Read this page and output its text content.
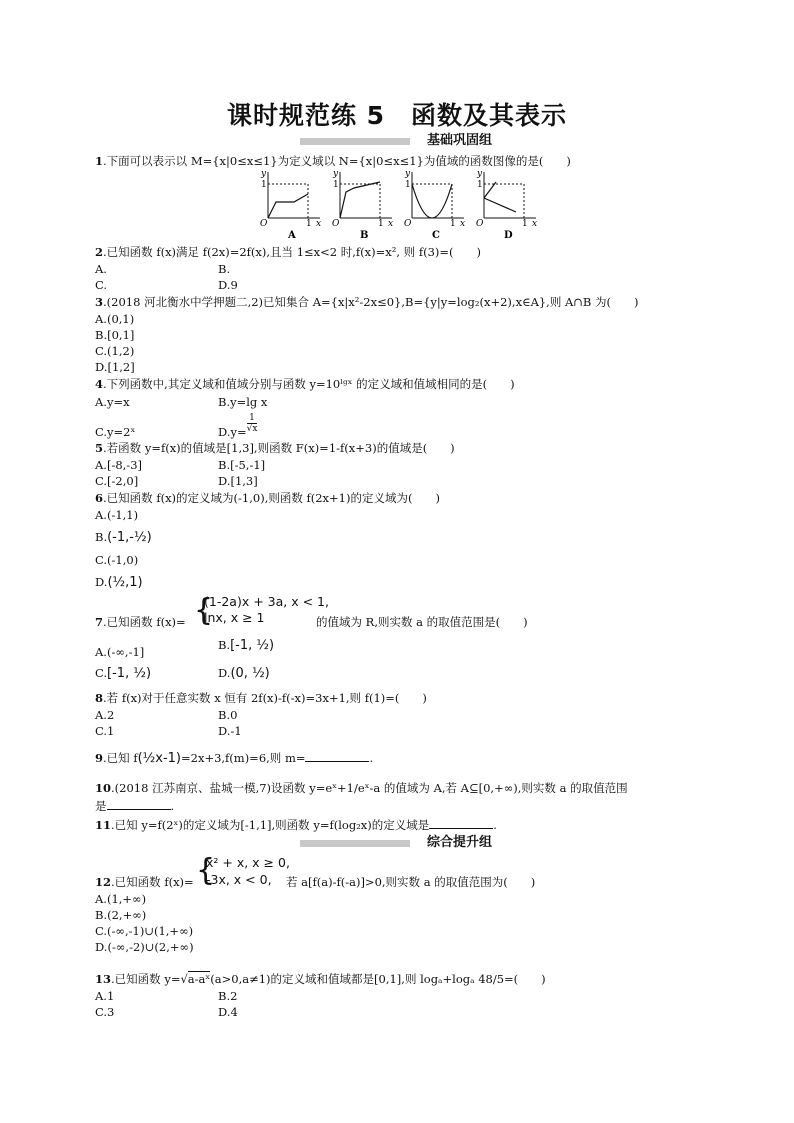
课时规范练 5　函数及其表示
基础巩固组
1.下面可以表示以 M={x|0≤x≤1}为定义域以 N={x|0≤x≤1}为值域的函数图像的是(　　)
y
1
O	1 x
A
y
1
O	1 x
B
y
1
O	1 x
C
y
1
O	1 x
D
2.已知函数 f(x)满足 f(2x)=2f(x),且当 1≤x<2 时,f(x)=x², 则 f(3)=(　　)
A.	B.
C.	D.9
3.(2018 河北衡水中学押题二,2)已知集合 A={x|x²-2x≤0},B={y|y=log₂(x+2),x∈A},则 A∩B 为(　　)
A.(0,1)
B.[0,1]
C.(1,2)
D.[1,2]
4.下列函数中,其定义域和值域分别与函数 y=10ˡᵍˣ 的定义域和值域相同的是(　　)
A.y=x	B.y=lg x
C.y=2ˣ	$D.y= \frac{1}{√x}$
5.若函数 y=f(x)的值域是[1,3],则函数 F(x)=1-f(x+3)的值域是(　　)
A.[-8,-3]	B.[-5,-1]
C.[-2,0]	D.[1,3]
6.已知函数 f(x)的定义域为(-1,0),则函数 f(2x+1)的定义域为(　　)
A.(-1,1)
B.(-1,-½)
C.(-1,0)
D.(½,1)
7.已知函数 f(x)= {
(1-2a)x + 3a, x < 1,
lnx, x ≥ 1	的值域为 R,则实数 a 的取值范围是(　　)
A.(-∞,-1]	B.[-1, ½)
C.[-1, ½)	D.(0, ½)
8.若 f(x)对于任意实数 x 恒有 2f(x)-f(-x)=3x+1,则 f(1)=(　　)
A.2	B.0
C.1	D.-1
9.已知 f(½x-1)=2x+3,f(m)=6,则 m=	.
10.(2018 江苏南京、盐城一模,7)设函数 y=eˣ+1/eˣ-a 的值域为 A,若 A⊆[0,+∞),则实数 a 的取值范围
是	.
11.已知 y=f(2ˣ)的定义域为[-1,1],则函数 y=f(log₂x)的定义域是	.
综合提升组
12.已知函数 f(x)= {
x² + x, x ≥ 0,
-3x, x < 0, 若 a[f(a)-f(-a)]>0,则实数 a 的取值范围为(　　)
A.(1,+∞)
B.(2,+∞)
C.(-∞,-1)∪(1,+∞)
D.(-∞,-2)∪(2,+∞)
13.已知函数 y=√a-aˣ(a>0,a≠1)的定义域和值域都是[0,1],则 logₐ+logₐ 48/5=(　　)
A.1	B.2
C.3	D.4
